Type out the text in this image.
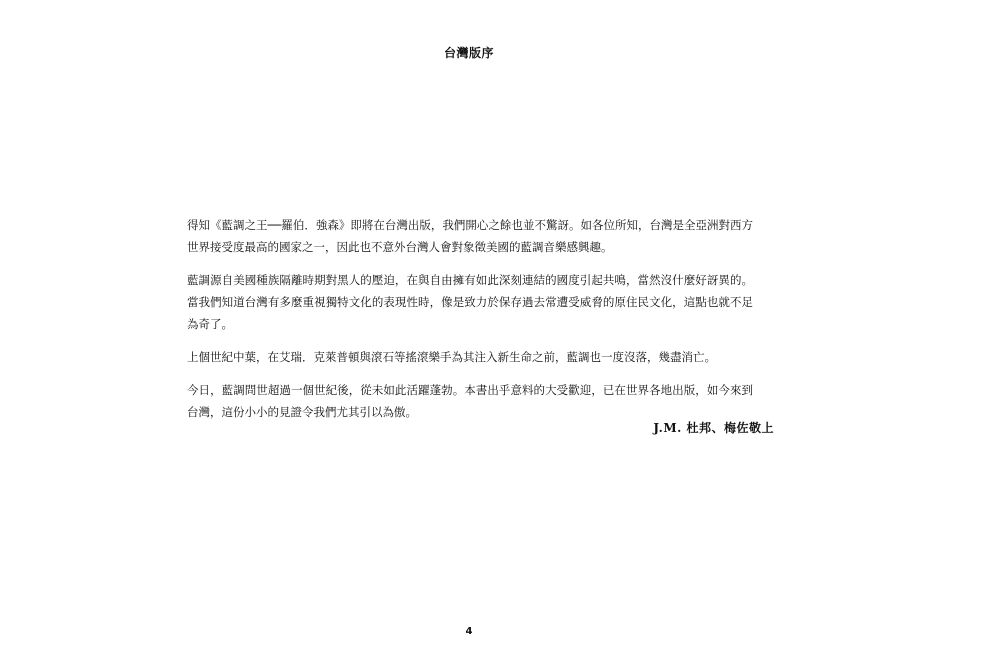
台灣版序

得知《藍調之王──羅伯．強森》即將在台灣出版，我們開心之餘也並不驚訝。如各位所知，台灣是全亞洲對西方世界接受度最高的國家之一，因此也不意外台灣人會對象徵美國的藍調音樂感興趣。

藍調源自美國種族隔離時期對黑人的壓迫，在與自由擁有如此深刻連結的國度引起共鳴，當然沒什麼好訝異的。當我們知道台灣有多麼重視獨特文化的表現性時，像是致力於保存過去常遭受威脅的原住民文化，這點也就不足為奇了。

上個世紀中葉，在艾瑞．克萊普頓與滾石等搖滾樂手為其注入新生命之前，藍調也一度沒落，幾盡消亡。

今日，藍調問世超過一個世紀後，從未如此活躍蓬勃。本書出乎意料的大受歡迎，已在世界各地出版，如今來到台灣，這份小小的見證令我們尤其引以為傲。

J.M. 杜邦、梅佐敬上
4
